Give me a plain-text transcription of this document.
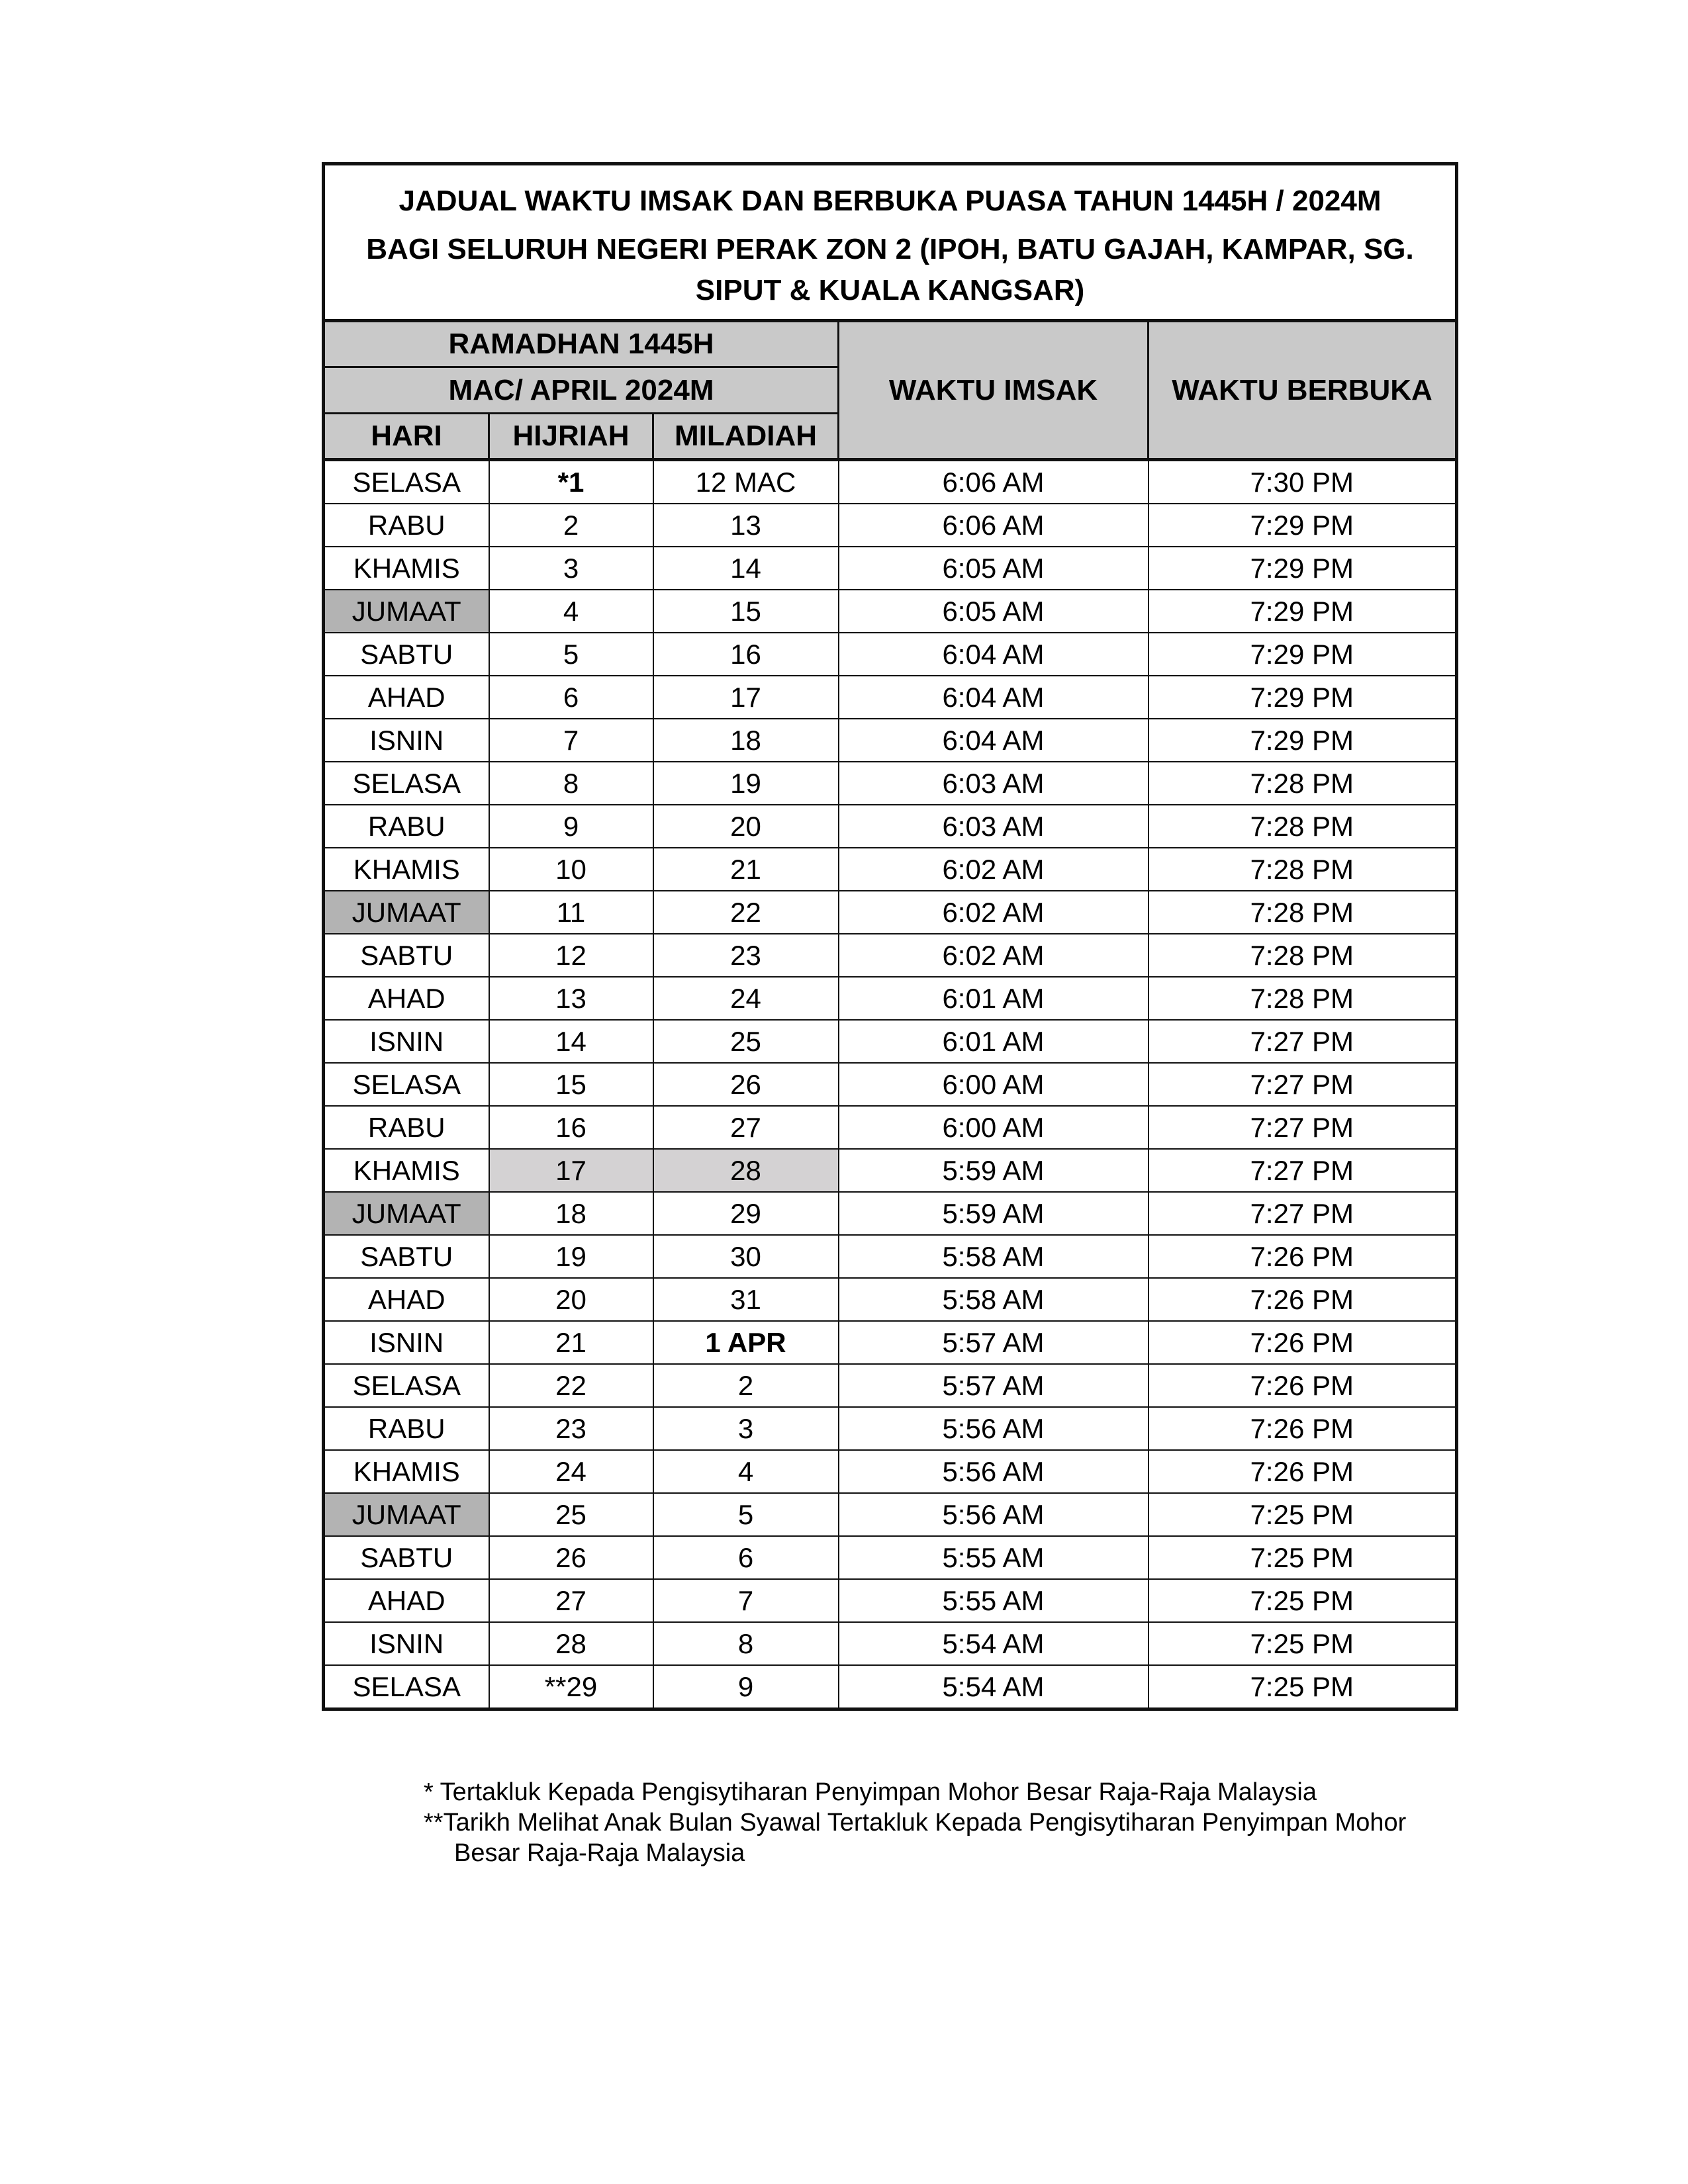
JADUAL WAKTU IMSAK DAN BERBUKA PUASA TAHUN 1445H / 2024M
BAGI SELURUH NEGERI PERAK ZON 2 (IPOH, BATU GAJAH, KAMPAR, SG. SIPUT & KUALA KANGSAR)				

RAMADHAN 1445H			WAKTU IMSAK	WAKTU BERBUKA
MAC/ APRIL 2024M				
HARI	HIJRIAH	MILADIAH		
SELASA	*1	12 MAC	6:06 AM	7:30 PM
RABU	2	13	6:06 AM	7:29 PM
KHAMIS	3	14	6:05 AM	7:29 PM
JUMAAT	4	15	6:05 AM	7:29 PM
SABTU	5	16	6:04 AM	7:29 PM
AHAD	6	17	6:04 AM	7:29 PM
ISNIN	7	18	6:04 AM	7:29 PM
SELASA	8	19	6:03 AM	7:28 PM
RABU	9	20	6:03 AM	7:28 PM
KHAMIS	10	21	6:02 AM	7:28 PM
JUMAAT	11	22	6:02 AM	7:28 PM
SABTU	12	23	6:02 AM	7:28 PM
AHAD	13	24	6:01 AM	7:28 PM
ISNIN	14	25	6:01 AM	7:27 PM
SELASA	15	26	6:00 AM	7:27 PM
RABU	16	27	6:00 AM	7:27 PM
KHAMIS	17	28	5:59 AM	7:27 PM
JUMAAT	18	29	5:59 AM	7:27 PM
SABTU	19	30	5:58 AM	7:26 PM
AHAD	20	31	5:58 AM	7:26 PM
ISNIN	21	1 APR	5:57 AM	7:26 PM
SELASA	22	2	5:57 AM	7:26 PM
RABU	23	3	5:56 AM	7:26 PM
KHAMIS	24	4	5:56 AM	7:26 PM
JUMAAT	25	5	5:56 AM	7:25 PM
SABTU	26	6	5:55 AM	7:25 PM
AHAD	27	7	5:55 AM	7:25 PM
ISNIN	28	8	5:54 AM	7:25 PM
SELASA	**29	9	5:54 AM	7:25 PM
* Tertakluk Kepada Pengisytiharan Penyimpan Mohor Besar Raja-Raja Malaysia
**Tarikh Melihat Anak Bulan Syawal Tertakluk Kepada Pengisytiharan Penyimpan Mohor
Besar Raja-Raja Malaysia
